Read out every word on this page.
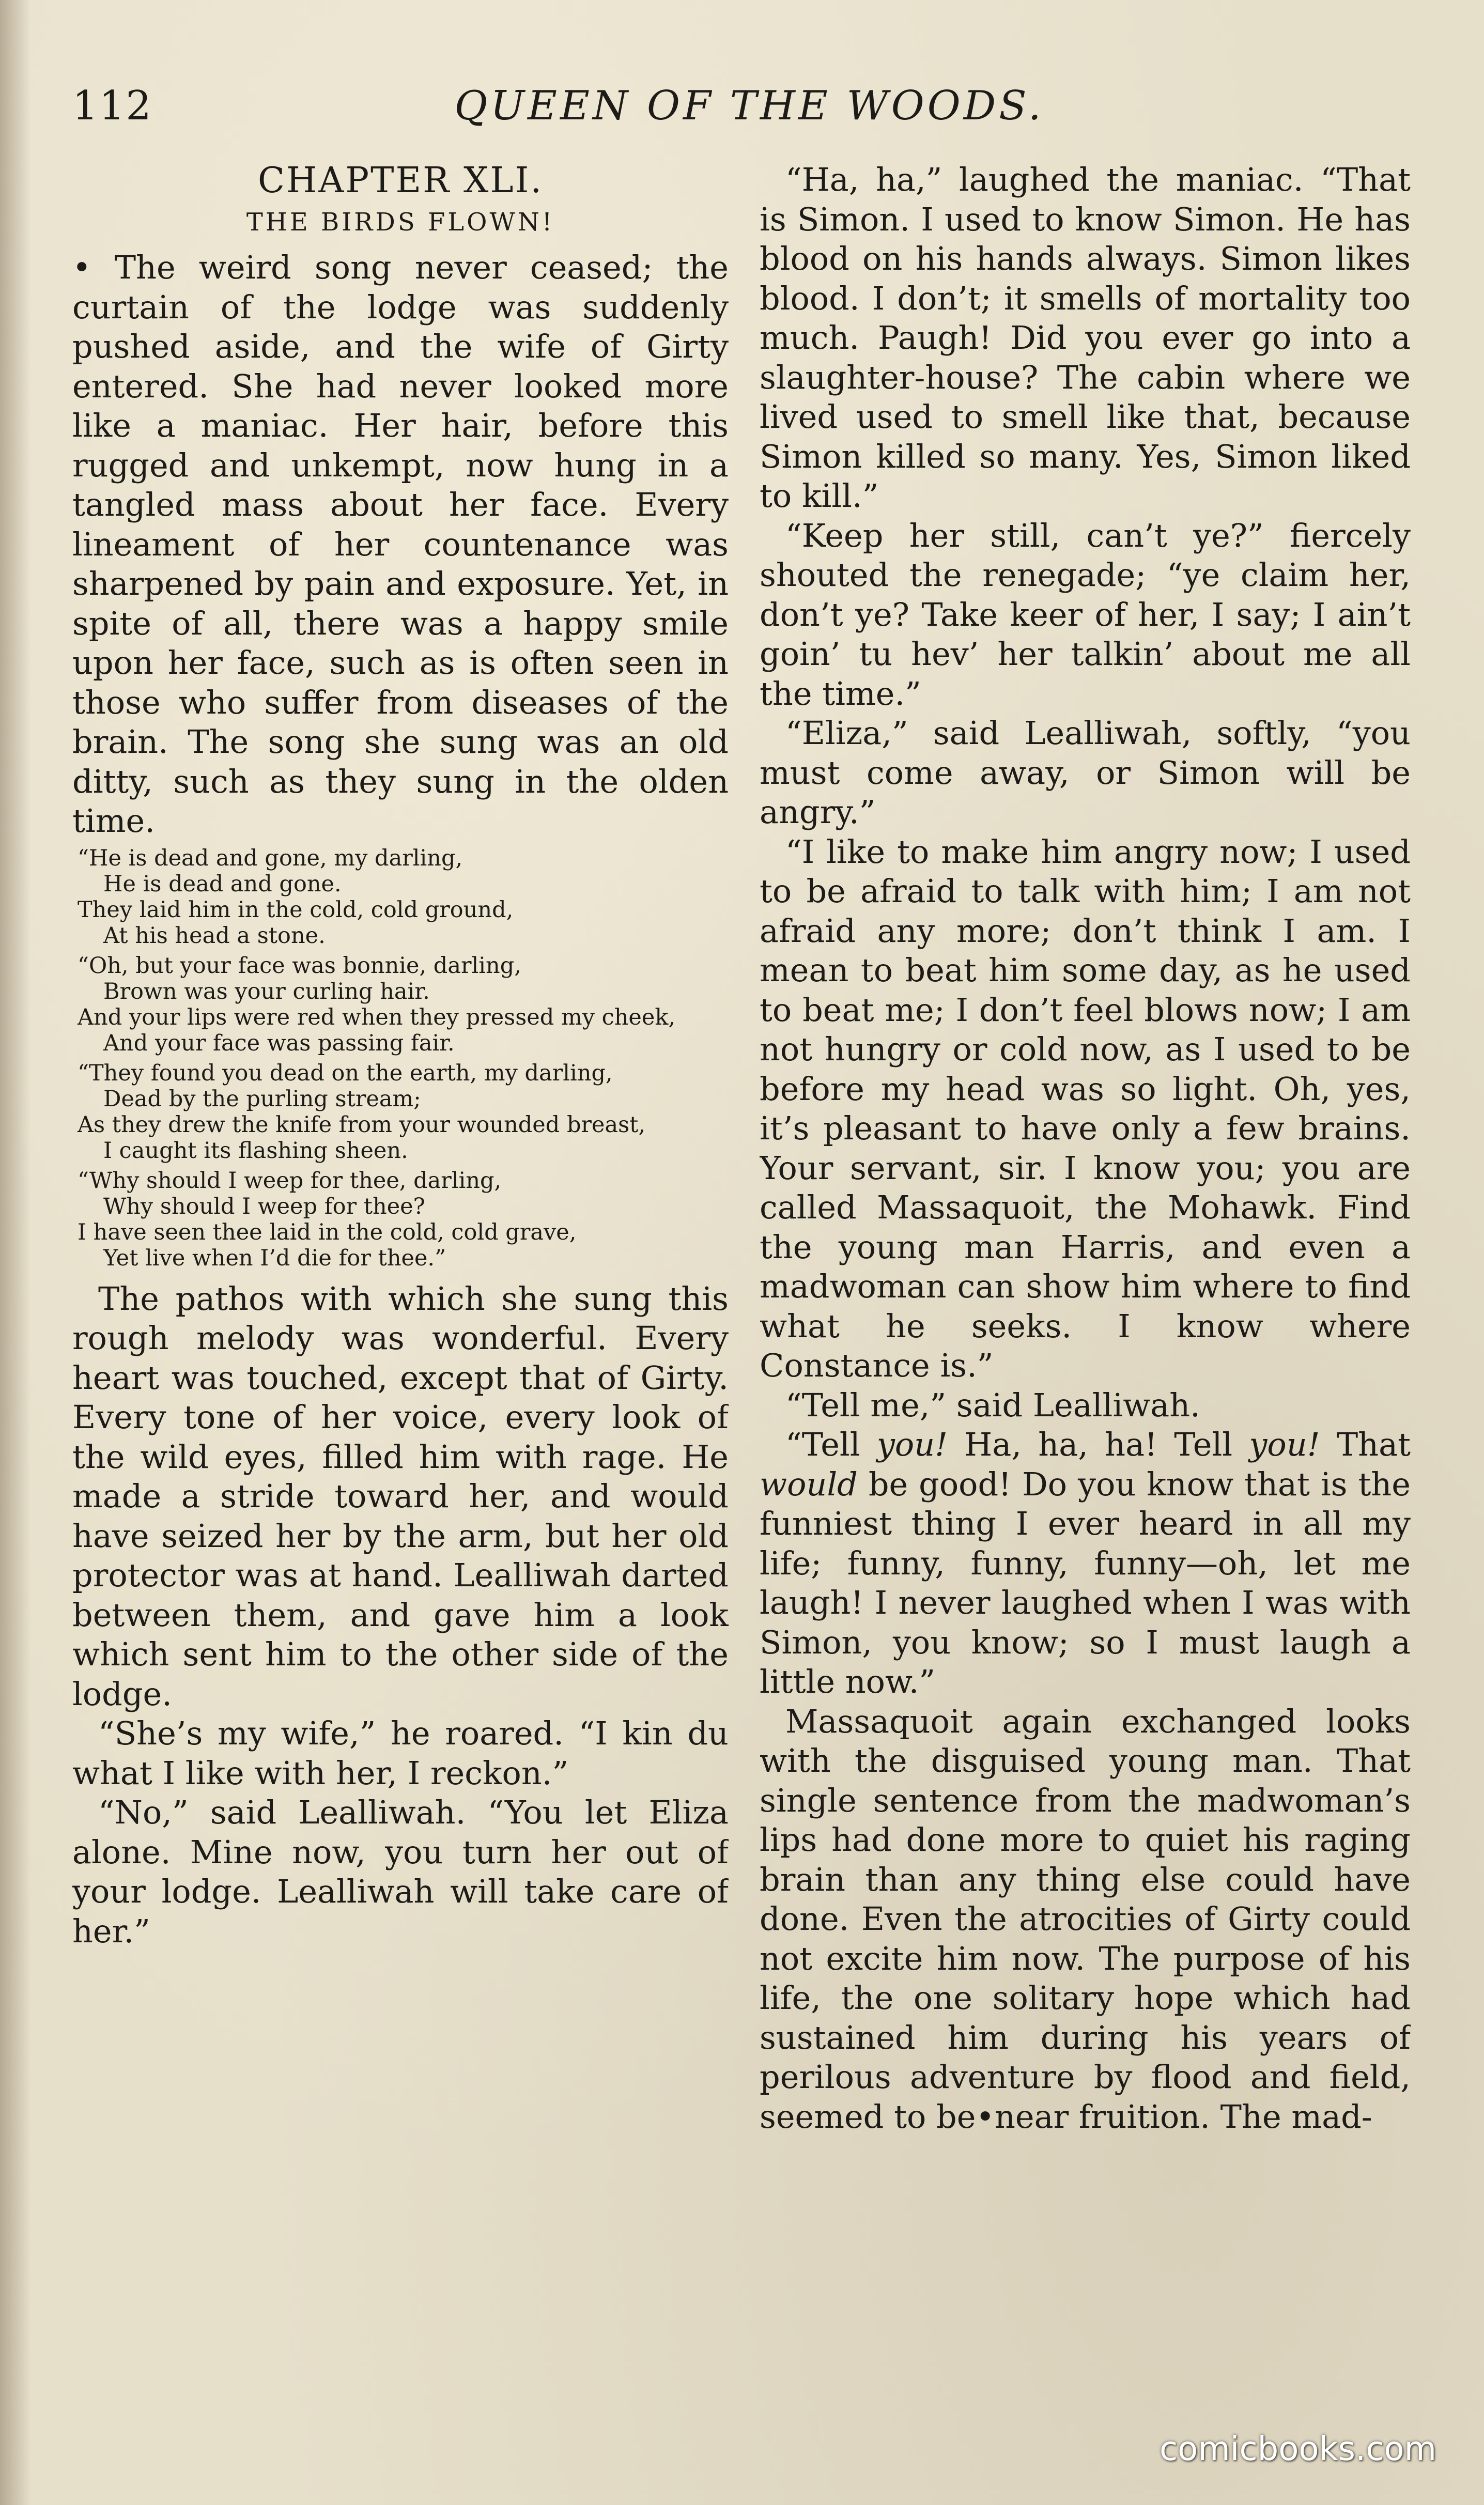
112	QUEEN OF THE WOODS.
CHAPTER XLI.
THE BIRDS FLOWN!

• The weird song never ceased; the curtain of the lodge was suddenly pushed aside, and the wife of Girty entered. She had never looked more like a maniac. Her hair, before this rugged and unkempt, now hung in a tangled mass about her face. Every lineament of her countenance was sharpened by pain and exposure. Yet, in spite of all, there was a happy smile upon her face, such as is often seen in those who suffer from diseases of the brain. The song she sung was an old ditty, such as they sung in the olden time.

“He is dead and gone, my darling,
He is dead and gone.
They laid him in the cold, cold ground,
At his head a stone.
“Oh, but your face was bonnie, darling,
Brown was your curling hair.
And your lips were red when they pressed my cheek,
And your face was passing fair.
“They found you dead on the earth, my darling,
Dead by the purling stream;
As they drew the knife from your wounded breast,
I caught its flashing sheen.
“Why should I weep for thee, darling,
Why should I weep for thee?
I have seen thee laid in the cold, cold grave,
Yet live when I’d die for thee.”

The pathos with which she sung this rough melody was wonderful. Every heart was touched, except that of Girty. Every tone of her voice, every look of the wild eyes, filled him with rage. He made a stride toward her, and would have seized her by the arm, but her old protector was at hand. Lealliwah darted between them, and gave him a look which sent him to the other side of the lodge.

“She’s my wife,” he roared. “I kin du what I like with her, I reckon.”

“No,” said Lealliwah. “You let Eliza alone. Mine now, you turn her out of your lodge. Lealliwah will take care of her.”

“Ha, ha,” laughed the maniac. “That is Simon. I used to know Simon. He has blood on his hands always. Simon likes blood. I don’t; it smells of mortality too much. Paugh! Did you ever go into a slaughter-house? The cabin where we lived used to smell like that, because Simon killed so many. Yes, Simon liked to kill.”

“Keep her still, can’t ye?” fiercely shouted the renegade; “ye claim her, don’t ye? Take keer of her, I say; I ain’t goin’ tu hev’ her talkin’ about me all the time.”

“Eliza,” said Lealliwah, softly, “you must come away, or Simon will be angry.”

“I like to make him angry now; I used to be afraid to talk with him; I am not afraid any more; don’t think I am. I mean to beat him some day, as he used to beat me; I don’t feel blows now; I am not hungry or cold now, as I used to be before my head was so light. Oh, yes, it’s pleasant to have only a few brains. Your servant, sir. I know you; you are called Massaquoit, the Mohawk. Find the young man Harris, and even a madwoman can show him where to find what he seeks. I know where Constance is.”

“Tell me,” said Lealliwah.

“Tell you! Ha, ha, ha! Tell you! That would be good! Do you know that is the funniest thing I ever heard in all my life; funny, funny, funny—oh, let me laugh! I never laughed when I was with Simon, you know; so I must laugh a little now.”

Massaquoit again exchanged looks with the disguised young man. That single sentence from the madwoman’s lips had done more to quiet his raging brain than any thing else could have done. Even the atrocities of Girty could not excite him now. The purpose of his life, the one solitary hope which had sustained him during his years of perilous adventure by flood and field, seemed to be•near fruition. The mad-

comicbooks.com
